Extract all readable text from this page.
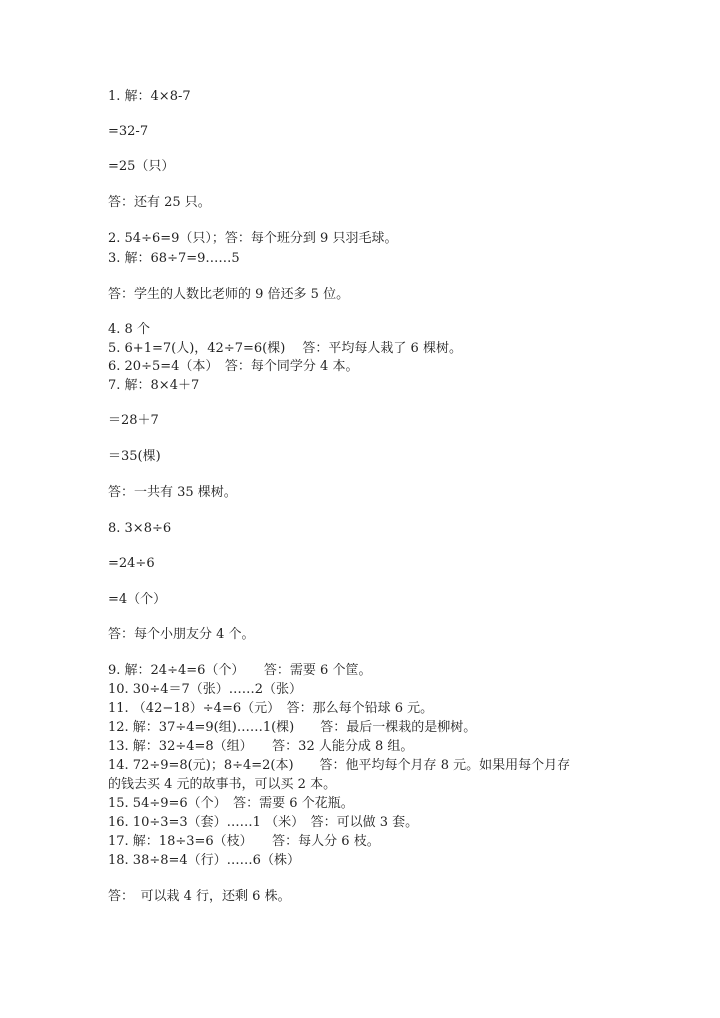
1. 解：4×8-7
=32-7
=25（只）
答：还有 25 只。
2. 54÷6=9（只）；答：每个班分到 9 只羽毛球。
3. 解：68÷7=9……5
答：学生的人数比老师的 9 倍还多 5 位。
4. 8 个
5. 6+1=7(人)，42÷7=6(棵)　 答：平均每人栽了 6 棵树。
6. 20÷5=4（本）　答：每个同学分 4 本。
7. 解：8×4＋7
＝28＋7
＝35(棵)
答：一共有 35 棵树。
8. 3×8÷6
=24÷6
=4（个）
答：每个小朋友分 4 个。
9. 解：24÷4=6（个）　　答：需要 6 个筐。
10. 30÷4＝7（张）……2（张）
11. （42−18）÷4=6（元）　答：那么每个铅球 6 元。
12. 解：37÷4=9(组)……1(棵)　　答：最后一棵栽的是柳树。
13. 解：32÷4=8（组）　　答：32 人能分成 8 组。
14. 72÷9=8(元)；8÷4=2(本)　　答：他平均每个月存 8 元。如果用每个月存
的钱去买 4 元的故事书，可以买 2 本。
15. 54÷9=6（个）　答：需要 6 个花瓶。
16. 10÷3=3（套）……1 （米）　答：可以做 3 套。
17. 解：18÷3=6（枝）　　答：每人分 6 枝。
18. 38÷8=4（行）……6（株）
答：　可以栽 4 行，还剩 6 株。
